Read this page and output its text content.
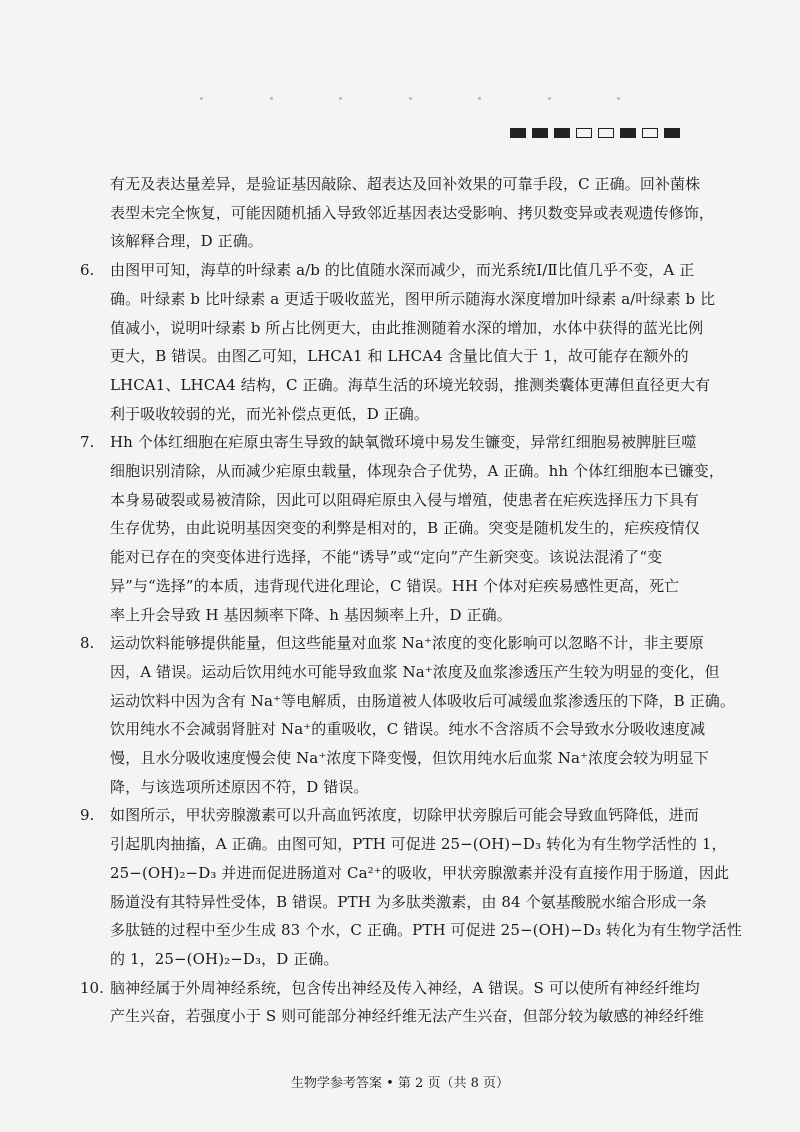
有无及表达量差异，是验证基因敲除、超表达及回补效果的可靠手段，C 正确。回补菌株
表型未完全恢复，可能因随机插入导致邻近基因表达受影响、拷贝数变异或表观遗传修饰，
该解释合理，D 正确。
6. 由图甲可知，海草的叶绿素 a/b 的比值随水深而减少，而光系统Ⅰ/Ⅱ比值几乎不变，A 正
确。叶绿素 b 比叶绿素 a 更适于吸收蓝光，图甲所示随海水深度增加叶绿素 a/叶绿素 b 比
值减小，说明叶绿素 b 所占比例更大，由此推测随着水深的增加，水体中获得的蓝光比例
更大，B 错误。由图乙可知，LHCA1 和 LHCA4 含量比值大于 1，故可能存在额外的
LHCA1、LHCA4 结构，C 正确。海草生活的环境光较弱，推测类囊体更薄但直径更大有
利于吸收较弱的光，而光补偿点更低，D 正确。
7. Hh 个体红细胞在疟原虫寄生导致的缺氧微环境中易发生镰变，异常红细胞易被脾脏巨噬
细胞识别清除，从而减少疟原虫载量，体现杂合子优势，A 正确。hh 个体红细胞本已镰变，
本身易破裂或易被清除，因此可以阻碍疟原虫入侵与增殖，使患者在疟疾选择压力下具有
生存优势，由此说明基因突变的利弊是相对的，B 正确。突变是随机发生的，疟疾疫情仅
能对已存在的突变体进行选择，不能“诱导”或“定向”产生新突变。该说法混淆了“变
异”与“选择”的本质，违背现代进化理论，C 错误。HH 个体对疟疾易感性更高，死亡
率上升会导致 H 基因频率下降、h 基因频率上升，D 正确。
8. 运动饮料能够提供能量，但这些能量对血浆 Na⁺浓度的变化影响可以忽略不计，非主要原
因，A 错误。运动后饮用纯水可能导致血浆 Na⁺浓度及血浆渗透压产生较为明显的变化，但
运动饮料中因为含有 Na⁺等电解质，由肠道被人体吸收后可减缓血浆渗透压的下降，B 正确。
饮用纯水不会减弱肾脏对 Na⁺的重吸收，C 错误。纯水不含溶质不会导致水分吸收速度减
慢，且水分吸收速度慢会使 Na⁺浓度下降变慢，但饮用纯水后血浆 Na⁺浓度会较为明显下
降，与该选项所述原因不符，D 错误。
9. 如图所示，甲状旁腺激素可以升高血钙浓度，切除甲状旁腺后可能会导致血钙降低，进而
引起肌肉抽搐，A 正确。由图可知，PTH 可促进 25−(OH)−D₃ 转化为有生物学活性的 1，
25−(OH)₂−D₃ 并进而促进肠道对 Ca²⁺的吸收，甲状旁腺激素并没有直接作用于肠道，因此
肠道没有其特异性受体，B 错误。PTH 为多肽类激素，由 84 个氨基酸脱水缩合形成一条
多肽链的过程中至少生成 83 个水，C 正确。PTH 可促进 25−(OH)−D₃ 转化为有生物学活性
的 1，25−(OH)₂−D₃，D 正确。
10. 脑神经属于外周神经系统，包含传出神经及传入神经，A 错误。S 可以使所有神经纤维均
产生兴奋，若强度小于 S 则可能部分神经纤维无法产生兴奋，但部分较为敏感的神经纤维
生物学参考答案 • 第 2 页（共 8 页）
